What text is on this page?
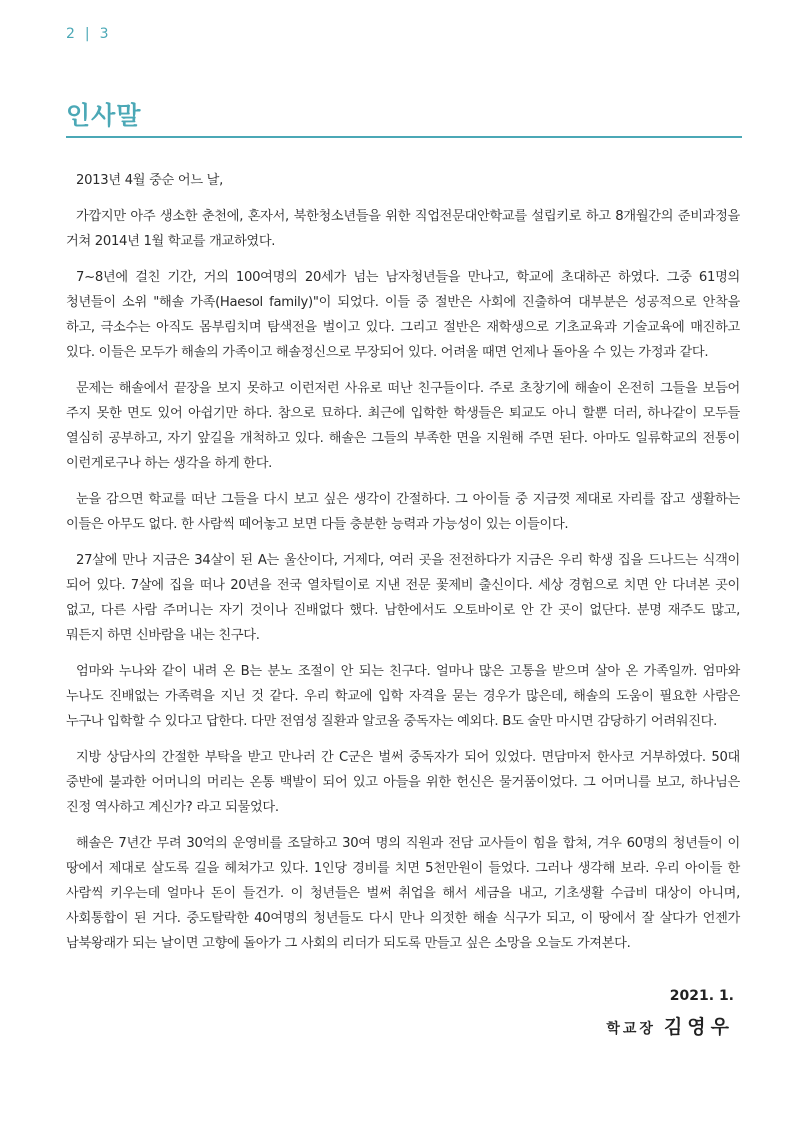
2 | 3
인사말

2013년 4월 중순 어느 날,

가깝지만 아주 생소한 춘천에, 혼자서, 북한청소년들을 위한 직업전문대안학교를 설립키로 하고 8개월간의 준비과정을 거쳐 2014년 1월 학교를 개교하였다.

7~8년에 걸친 기간, 거의 100여명의 20세가 넘는 남자청년들을 만나고, 학교에 초대하곤 하였다. 그중 61명의 청년들이 소위 "해솔 가족(Haesol family)"이 되었다. 이들 중 절반은 사회에 진출하여 대부분은 성공적으로 안착을 하고, 극소수는 아직도 몸부림치며 탐색전을 벌이고 있다. 그리고 절반은 재학생으로 기초교육과 기술교육에 매진하고 있다. 이들은 모두가 해솔의 가족이고 해솔정신으로 무장되어 있다. 어려울 때면 언제나 돌아올 수 있는 가정과 같다.

문제는 해솔에서 끝장을 보지 못하고 이런저런 사유로 떠난 친구들이다. 주로 초창기에 해솔이 온전히 그들을 보듬어 주지 못한 면도 있어 아쉽기만 하다. 참으로 묘하다. 최근에 입학한 학생들은 퇴교도 아니 할뿐 더러, 하나같이 모두들 열심히 공부하고, 자기 앞길을 개척하고 있다. 해솔은 그들의 부족한 면을 지원해 주면 된다. 아마도 일류학교의 전통이 이런게로구나 하는 생각을 하게 한다.

눈을 감으면 학교를 떠난 그들을 다시 보고 싶은 생각이 간절하다. 그 아이들 중 지금껏 제대로 자리를 잡고 생활하는 이들은 아무도 없다. 한 사람씩 떼어놓고 보면 다들 충분한 능력과 가능성이 있는 이들이다.

27살에 만나 지금은 34살이 된 A는 울산이다, 거제다, 여러 곳을 전전하다가 지금은 우리 학생 집을 드나드는 식객이 되어 있다. 7살에 집을 떠나 20년을 전국 열차털이로 지낸 전문 꽃제비 출신이다. 세상 경험으로 치면 안 다녀본 곳이 없고, 다른 사람 주머니는 자기 것이나 진배없다 했다. 남한에서도 오토바이로 안 간 곳이 없단다. 분명 재주도 많고, 뭐든지 하면 신바람을 내는 친구다.

엄마와 누나와 같이 내려 온 B는 분노 조절이 안 되는 친구다. 얼마나 많은 고통을 받으며 살아 온 가족일까. 엄마와 누나도 진배없는 가족력을 지닌 것 같다. 우리 학교에 입학 자격을 묻는 경우가 많은데, 해솔의 도움이 필요한 사람은 누구나 입학할 수 있다고 답한다. 다만 전염성 질환과 알코올 중독자는 예외다. B도 술만 마시면 감당하기 어려워진다.

지방 상담사의 간절한 부탁을 받고 만나러 간 C군은 벌써 중독자가 되어 있었다. 면담마저 한사코 거부하였다. 50대 중반에 불과한 어머니의 머리는 온통 백발이 되어 있고 아들을 위한 헌신은 물거품이었다. 그 어머니를 보고, 하나님은 진정 역사하고 계신가? 라고 되물었다.

해솔은 7년간 무려 30억의 운영비를 조달하고 30여 명의 직원과 전담 교사들이 힘을 합쳐, 겨우 60명의 청년들이 이 땅에서 제대로 살도록 길을 헤쳐가고 있다. 1인당 경비를 치면 5천만원이 들었다. 그러나 생각해 보라. 우리 아이들 한 사람씩 키우는데 얼마나 돈이 들건가. 이 청년들은 벌써 취업을 해서 세금을 내고, 기초생활 수급비 대상이 아니며, 사회통합이 된 거다. 중도탈락한 40여명의 청년들도 다시 만나 의젓한 해솔 식구가 되고, 이 땅에서 잘 살다가 언젠가 남북왕래가 되는 날이면 고향에 돌아가 그 사회의 리더가 되도록 만들고 싶은 소망을 오늘도 가져본다.

2021. 1.
학교장 김영우
